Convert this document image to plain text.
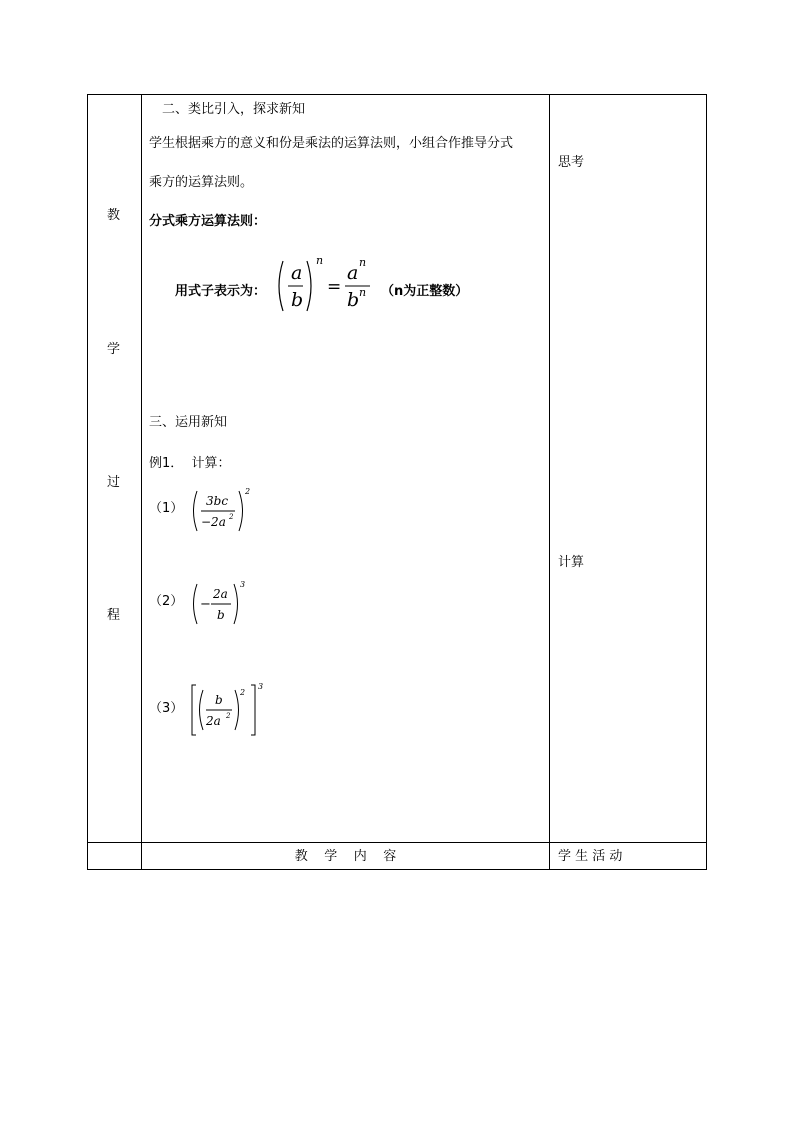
教
学
过
程
二、类比引入，探求新知
学生根据乘方的意义和份是乘法的运算法则，小组合作推导分式
乘方的运算法则。
分式乘方运算法则：
用式子表示为：
a
b
n
=
a n
b n （n为正整数）
三、运用新知
例1．  计算：
（1） 3bc
−2a 2
2
（2） −
2a
b
3
（3）
b
2a 2
2
3
思考
计算
教    学    内    容	学 生 活 动
